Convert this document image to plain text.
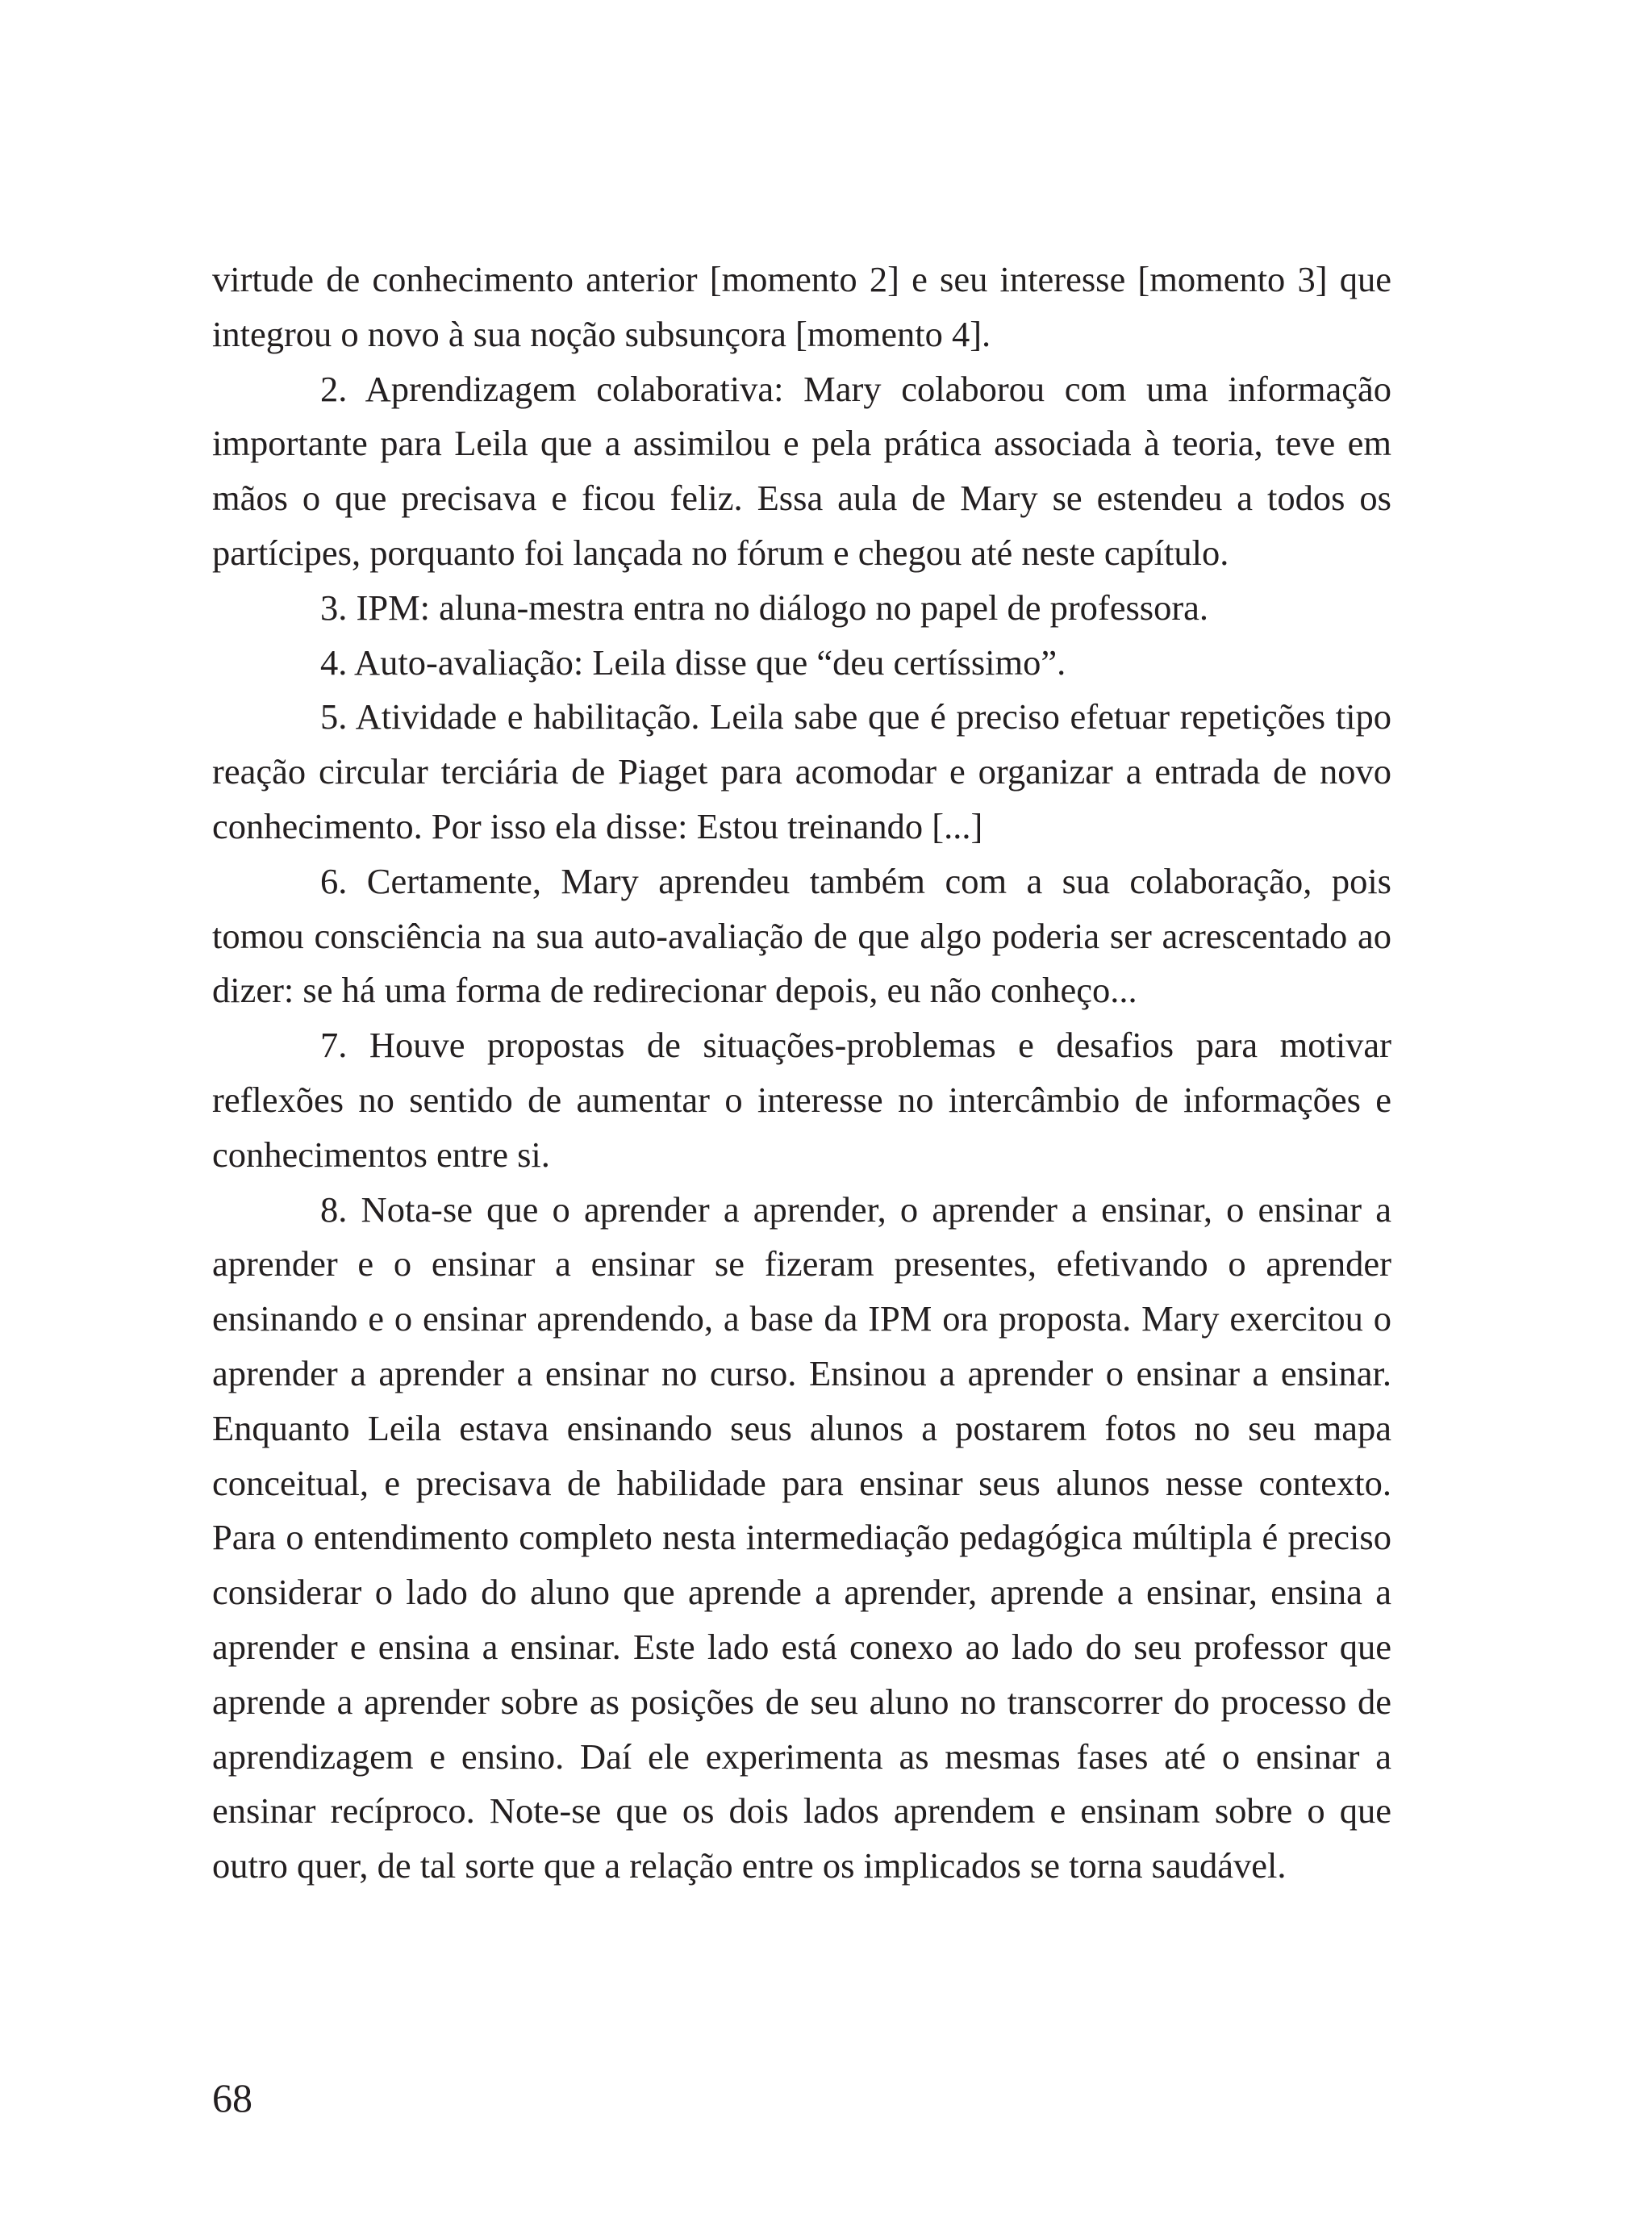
virtude de conhecimento anterior [momento 2] e seu interesse [momento 3] que integrou o novo à sua noção subsunçora [momento 4].

2. Aprendizagem colaborativa: Mary colaborou com uma informação importante para Leila que a assimilou e pela prática associada à teoria, teve em mãos o que precisava e ficou feliz. Essa aula de Mary se estendeu a todos os partícipes, porquanto foi lançada no fórum e chegou até neste capítulo.

3. IPM: aluna-mestra entra no diálogo no papel de professora.

4. Auto-avaliação: Leila disse que “deu certíssimo”.

5. Atividade e habilitação. Leila sabe que é preciso efetuar repetições tipo reação circular terciária de Piaget para acomodar e organizar a entrada de novo conhecimento. Por isso ela disse: Estou treinando [...]

6. Certamente, Mary aprendeu também com a sua colaboração, pois tomou consciência na sua auto-avaliação de que algo poderia ser acrescentado ao dizer: se há uma forma de redirecionar depois, eu não conheço...

7. Houve propostas de situações-problemas e desafios para motivar reflexões no sentido de aumentar o interesse no intercâmbio de informações e conhecimentos entre si.

8. Nota-se que o aprender a aprender, o aprender a ensinar, o ensinar a aprender e o ensinar a ensinar se fizeram presentes, efetivando o aprender ensinando e o ensinar aprendendo, a base da IPM ora proposta. Mary exercitou o aprender a aprender a ensinar no curso. Ensinou a aprender o ensinar a ensinar. Enquanto Leila estava ensinando seus alunos a postarem fotos no seu mapa conceitual, e precisava de habilidade para ensinar seus alunos nesse contexto. Para o entendimento completo nesta intermediação pedagógica múltipla é preciso considerar o lado do aluno que aprende a aprender, aprende a ensinar, ensina a aprender e ensina a ensinar. Este lado está conexo ao lado do seu professor que aprende a aprender sobre as posições de seu aluno no transcorrer do processo de aprendizagem e ensino. Daí ele experimenta as mesmas fases até o ensinar a ensinar recíproco. Note-se que os dois lados aprendem e ensinam sobre o que outro quer, de tal sorte que a relação entre os implicados se torna saudável.

68
